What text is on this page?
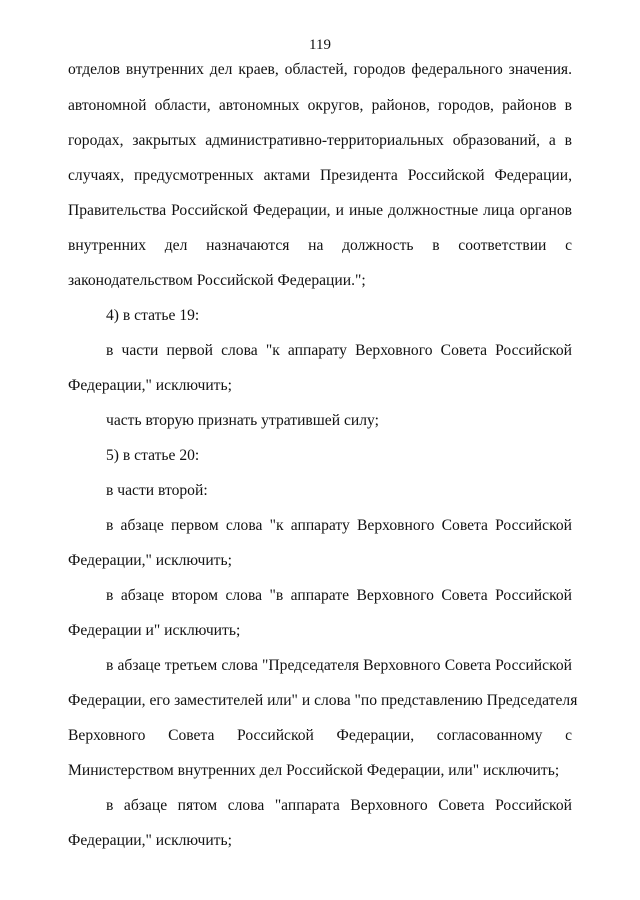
119
отделов внутренних дел краев, областей, городов федерального значения.
автономной области, автономных округов, районов, городов, районов в
городах, закрытых административно-территориальных образований, а в
случаях, предусмотренных актами Президента Российской Федерации,
Правительства Российской Федерации, и иные должностные лица органов
внутренних дел назначаются на должность в соответствии с
законодательством Российской Федерации.";
4) в статье 19:
в части первой слова "к аппарату Верховного Совета Российской
Федерации," исключить;
часть вторую признать утратившей силу;
5) в статье 20:
в части второй:
в абзаце первом слова "к аппарату Верховного Совета Российской
Федерации," исключить;
в абзаце втором слова "в аппарате Верховного Совета Российской
Федерации и" исключить;
в абзаце третьем слова "Председателя Верховного Совета Российской
Федерации, его заместителей или" и слова "по представлению Председателя
Верховного Совета Российской Федерации, согласованному с
Министерством внутренних дел Российской Федерации, или" исключить;
в абзаце пятом слова "аппарата Верховного Совета Российской
Федерации," исключить;
